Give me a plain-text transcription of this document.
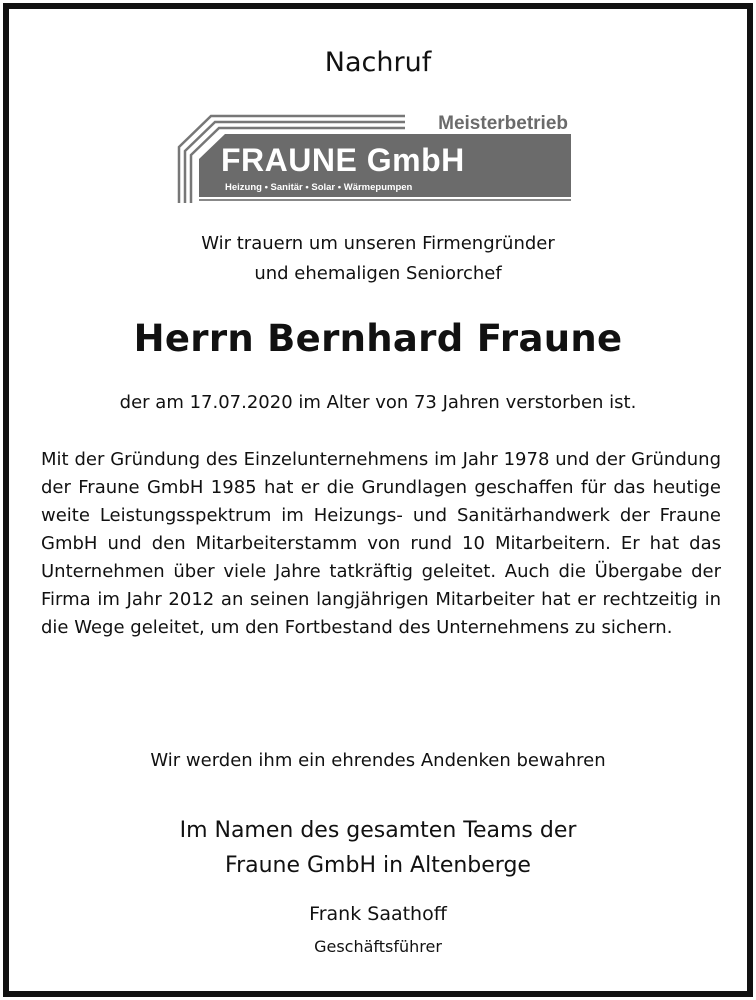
Nachruf
Meisterbetrieb
FRAUNE GmbH
Heizung • Sanitär • Solar • Wärmepumpen
Wir trauern um unseren Firmengründer
und ehemaligen Seniorchef
Herrn Bernhard Fraune
der am 17.07.2020 im Alter von 73 Jahren verstorben ist.
Mit der Gründung des Einzelunternehmens im Jahr 1978 und der Gründung der Fraune GmbH 1985 hat er die Grundlagen geschaffen für das heutige weite Leistungsspektrum im Heizungs- und Sanitärhandwerk der Fraune GmbH und den Mitarbeiterstamm von rund 10 Mitarbeitern. Er hat das Unternehmen über viele Jahre tatkräftig geleitet. Auch die Übergabe der Firma im Jahr 2012 an seinen langjährigen Mitarbeiter hat er rechtzeitig in die Wege geleitet, um den Fortbestand des Unternehmens zu sichern.
Wir werden ihm ein ehrendes Andenken bewahren
Im Namen des gesamten Teams der
Fraune GmbH in Altenberge
Frank Saathoff
Geschäftsführer
